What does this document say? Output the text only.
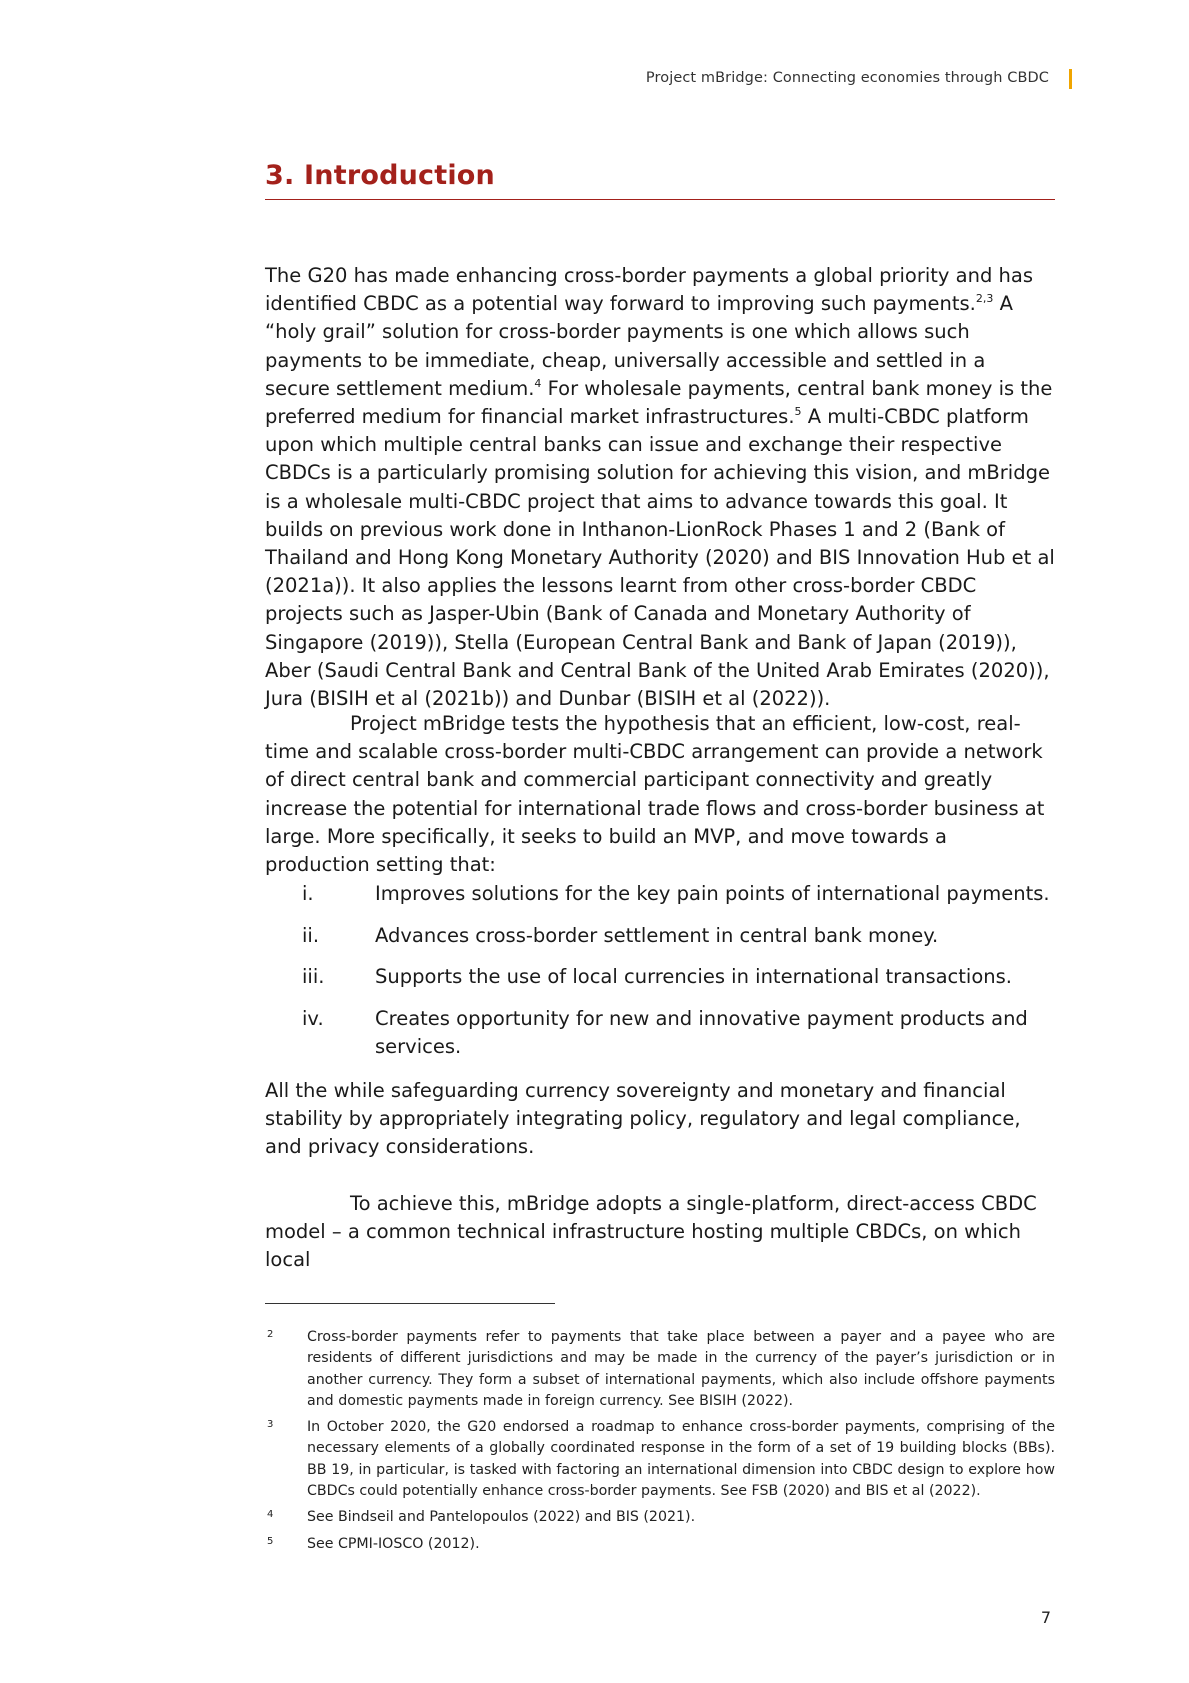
Project mBridge: Connecting economies through CBDC
3. Introduction

The G20 has made enhancing cross-border payments a global priority and has identified CBDC as a potential way forward to improving such payments.$^{2,3}$ A “holy grail” solution for cross-border payments is one which allows such payments to be immediate, cheap, universally accessible and settled in a secure settlement medium.$^4$ For wholesale payments, central bank money is the preferred medium for financial market infrastructures.$^5$ A multi-CBDC platform upon which multiple central banks can issue and exchange their respective CBDCs is a particularly promising solution for achieving this vision, and mBridge is a wholesale multi-CBDC project that aims to advance towards this goal. It builds on previous work done in Inthanon-LionRock Phases 1 and 2 (Bank of Thailand and Hong Kong Monetary Authority (2020) and BIS Innovation Hub et al (2021a)). It also applies the lessons learnt from other cross-border CBDC projects such as Jasper-Ubin (Bank of Canada and Monetary Authority of Singapore (2019)), Stella (European Central Bank and Bank of Japan (2019)), Aber (Saudi Central Bank and Central Bank of the United Arab Emirates (2020)), Jura (BISIH et al (2021b)) and Dunbar (BISIH et al (2022)).

Project mBridge tests the hypothesis that an efficient, low-cost, real-time and scalable cross-border multi-CBDC arrangement can provide a network of direct central bank and commercial participant connectivity and greatly increase the potential for international trade flows and cross-border business at large. More specifically, it seeks to build an MVP, and move towards a production setting that:

i.	Improves solutions for the key pain points of international payments.
ii.	Advances cross-border settlement in central bank money.
iii.	Supports the use of local currencies in international transactions.
iv.	Creates opportunity for new and innovative payment products and services.

All the while safeguarding currency sovereignty and monetary and financial stability by appropriately integrating policy, regulatory and legal compliance, and privacy considerations.

To achieve this, mBridge adopts a single-platform, direct-access CBDC model – a common technical infrastructure hosting multiple CBDCs, on which local

2 Cross-border payments refer to payments that take place between a payer and a payee who are residents of different jurisdictions and may be made in the currency of the payer’s jurisdiction or in another currency. They form a subset of international payments, which also include offshore payments and domestic payments made in foreign currency. See BISIH (2022).
3 In October 2020, the G20 endorsed a roadmap to enhance cross-border payments, comprising of the necessary elements of a globally coordinated response in the form of a set of 19 building blocks (BBs). BB 19, in particular, is tasked with factoring an international dimension into CBDC design to explore how CBDCs could potentially enhance cross-border payments. See FSB (2020) and BIS et al (2022).
4 See Bindseil and Pantelopoulos (2022) and BIS (2021).
5 See CPMI-IOSCO (2012).
7
